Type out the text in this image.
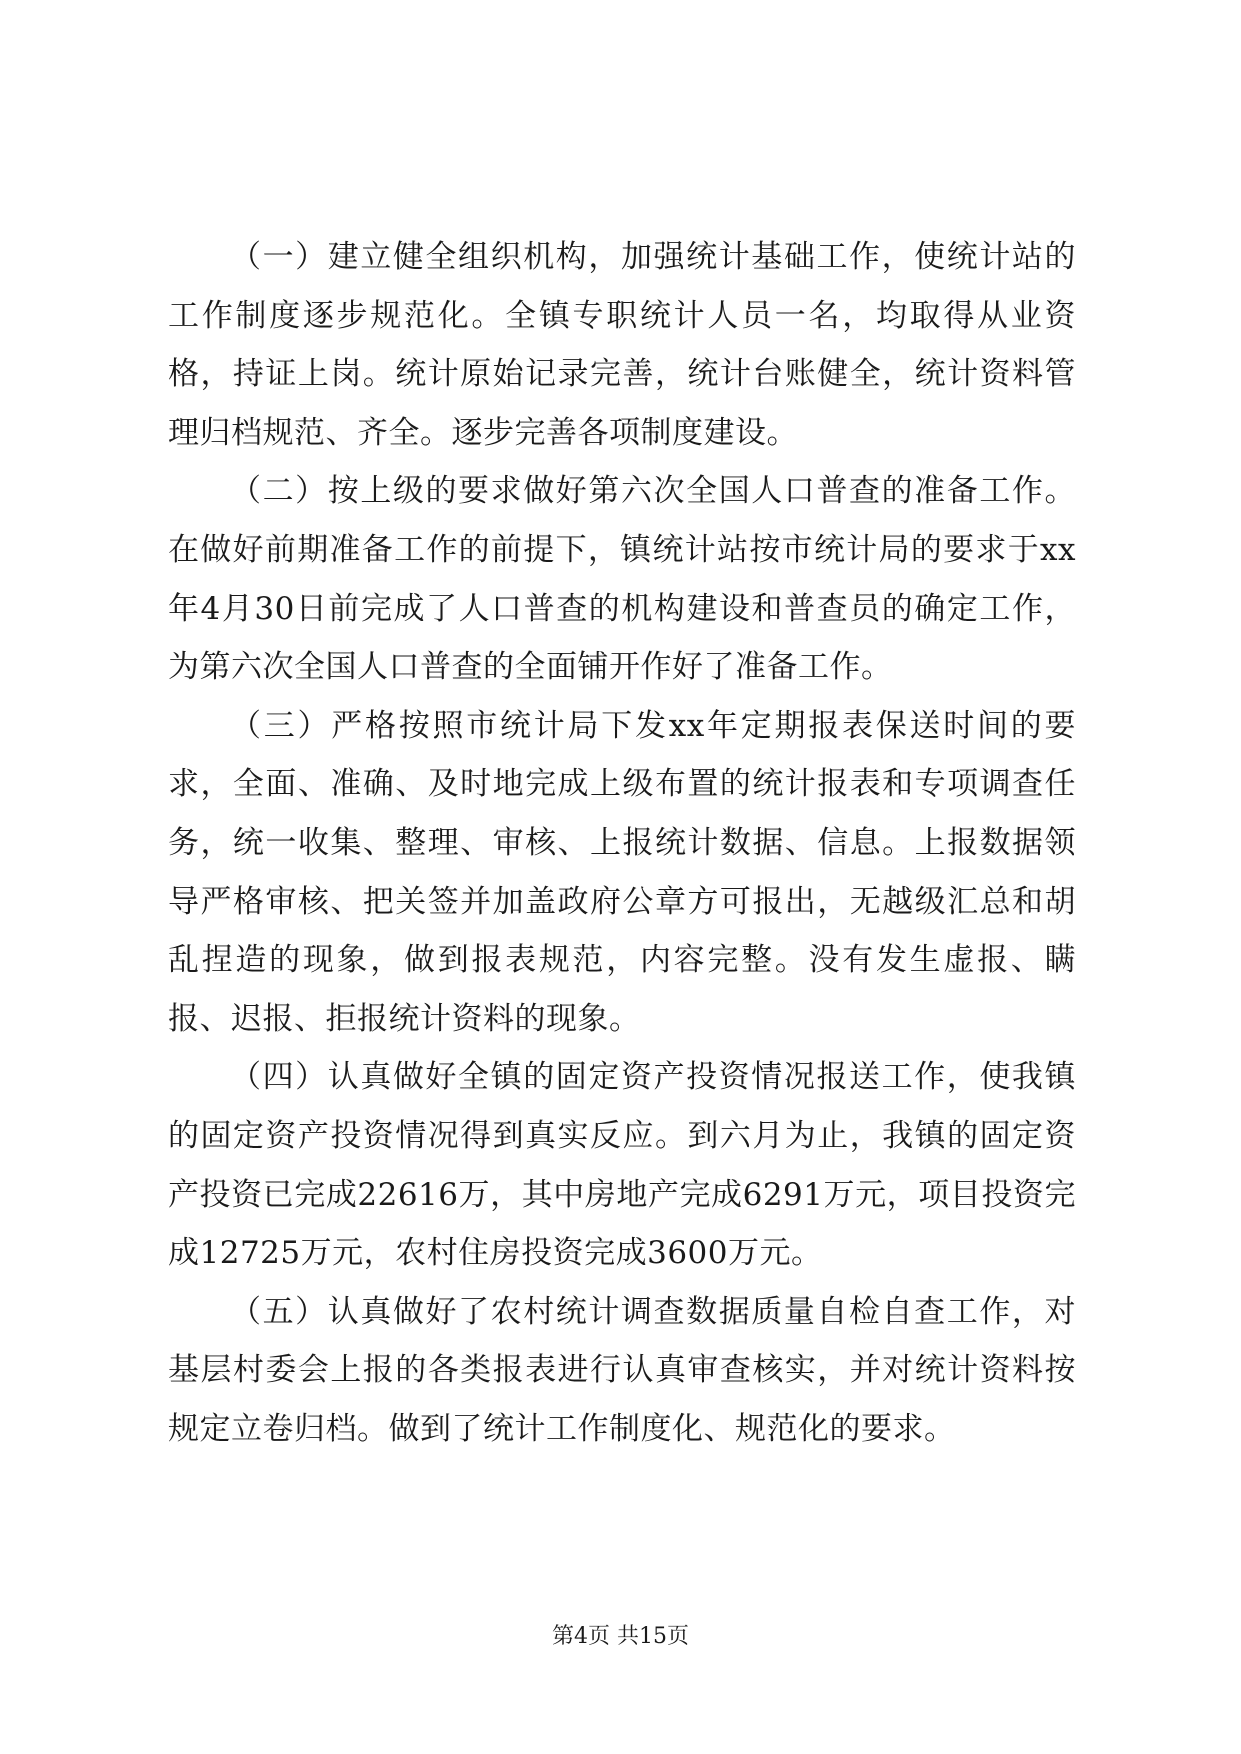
（一）建立健全组织机构，加强统计基础工作，使统计站的工作制度逐步规范化。全镇专职统计人员一名，均取得从业资格，持证上岗。统计原始记录完善，统计台账健全，统计资料管理归档规范、齐全。逐步完善各项制度建设。

（二）按上级的要求做好第六次全国人口普查的准备工作。在做好前期准备工作的前提下，镇统计站按市统计局的要求于xx年4月30日前完成了人口普查的机构建设和普查员的确定工作，为第六次全国人口普查的全面铺开作好了准备工作。

（三）严格按照市统计局下发xx年定期报表保送时间的要求，全面、准确、及时地完成上级布置的统计报表和专项调查任务，统一收集、整理、审核、上报统计数据、信息。上报数据领导严格审核、把关签并加盖政府公章方可报出，无越级汇总和胡乱捏造的现象，做到报表规范，内容完整。没有发生虚报、瞒报、迟报、拒报统计资料的现象。

（四）认真做好全镇的固定资产投资情况报送工作，使我镇的固定资产投资情况得到真实反应。到六月为止，我镇的固定资产投资已完成22616万，其中房地产完成6291万元，项目投资完成12725万元，农村住房投资完成3600万元。

（五）认真做好了农村统计调查数据质量自检自查工作，对基层村委会上报的各类报表进行认真审查核实，并对统计资料按规定立卷归档。做到了统计工作制度化、规范化的要求。

第4页 共15页
